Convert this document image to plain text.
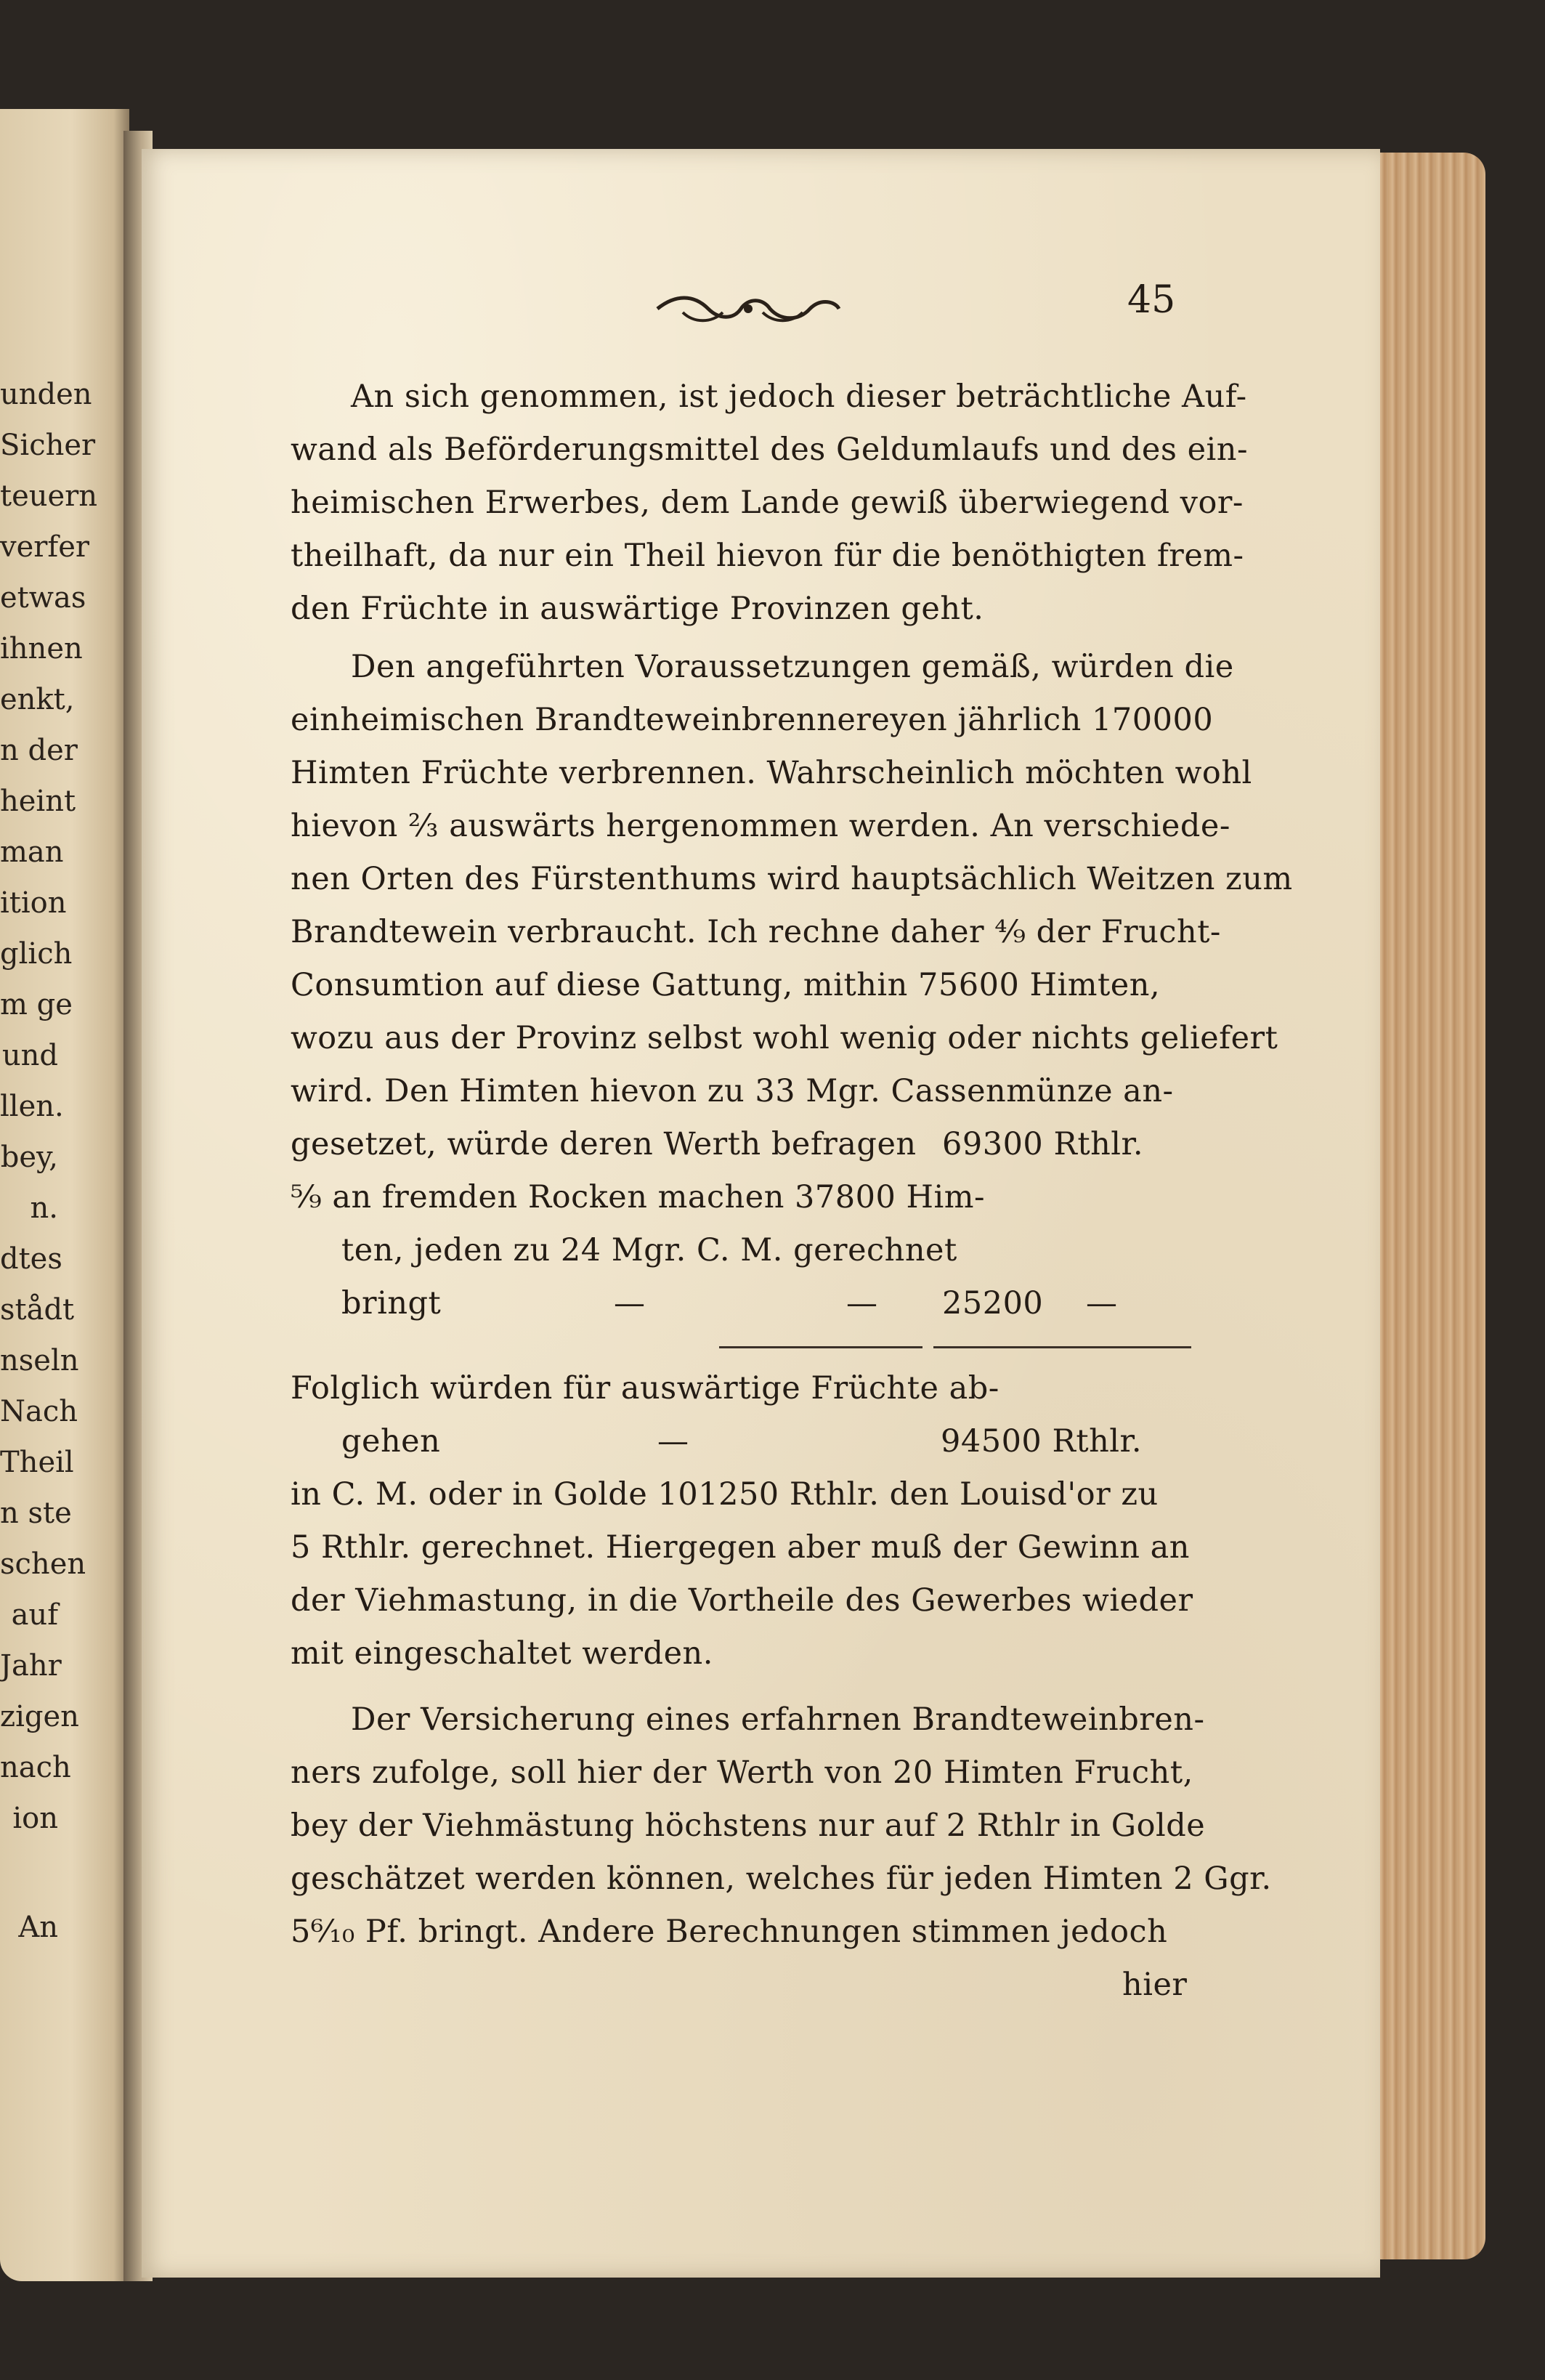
unden
Sicher
teuern
verfer
etwas
ihnen
enkt,
n der
heint
man
ition
glich
m ge
und
llen.
bey,
n.
dtes
stådt
nseln
Nach
Theil
n ste
schen
auf
Jahr
zigen
nach
ion
An
45
An sich genommen, ist jedoch dieser beträchtliche Auf-
wand als Beförderungsmittel des Geldumlaufs und des ein-
heimischen Erwerbes, dem Lande gewiß überwiegend vor-
theilhaft, da nur ein Theil hievon für die benöthigten frem-
den Früchte in auswärtige Provinzen geht.
Den angeführten Voraussetzungen gemäß, würden die
einheimischen Brandteweinbrennereyen jährlich 170000
Himten Früchte verbrennen. Wahrscheinlich möchten wohl
hievon ⅔ auswärts hergenommen werden. An verschiede-
nen Orten des Fürstenthums wird hauptsächlich Weitzen zum
Brandtewein verbraucht. Ich rechne daher ⁴⁄₉ der Frucht-
Consumtion auf diese Gattung, mithin 75600 Himten,
wozu aus der Provinz selbst wohl wenig oder nichts geliefert
wird. Den Himten hievon zu 33 Mgr. Cassenmünze an-
gesetzet, würde deren Werth befragen 69300 Rthlr.
⁵⁄₉ an fremden Rocken machen 37800 Him-
ten, jeden zu 24 Mgr. C. M. gerechnet
bringt	—	— 25200 —
Folglich würden für auswärtige Früchte ab-
gehen	—	94500 Rthlr.
in C. M. oder in Golde 101250 Rthlr. den Louisd'or zu
5 Rthlr. gerechnet. Hiergegen aber muß der Gewinn an
der Viehmastung, in die Vortheile des Gewerbes wieder
mit eingeschaltet werden.
Der Versicherung eines erfahrnen Brandteweinbren-
ners zufolge, soll hier der Werth von 20 Himten Frucht,
bey der Viehmästung höchstens nur auf 2 Rthlr in Golde
geschätzet werden können, welches für jeden Himten 2 Ggr.
5⁶⁄₁₀ Pf. bringt. Andere Berechnungen stimmen jedoch
hier
